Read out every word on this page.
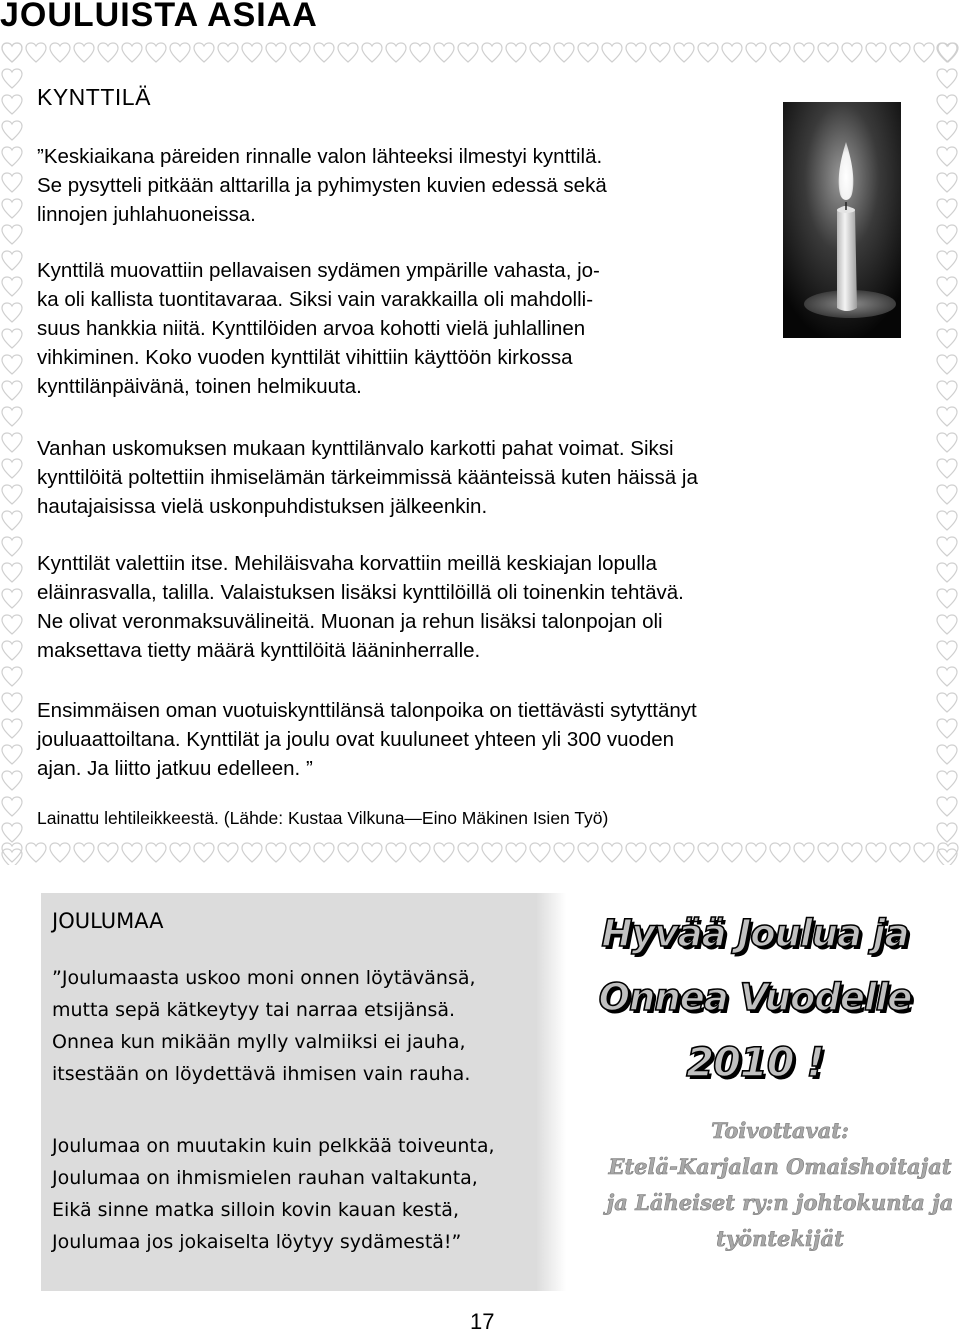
JOULUISTA ASIAA
KYNTTILÄ
”Keskiaikana päreiden rinnalle valon lähteeksi ilmestyi kynttilä.
Se pysytteli pitkään alttarilla ja pyhimysten kuvien edessä sekä
linnojen juhlahuoneissa.
Kynttilä muovattiin pellavaisen sydämen ympärille vahasta, jo-
ka oli kallista tuontitavaraa. Siksi vain varakkailla oli mahdolli-
suus hankkia niitä. Kynttilöiden arvoa kohotti vielä juhlallinen
vihkiminen. Koko vuoden kynttilät vihittiin käyttöön kirkossa
kynttilänpäivänä, toinen helmikuuta.
Vanhan uskomuksen mukaan kynttilänvalo karkotti pahat voimat. Siksi
kynttilöitä poltettiin ihmiselämän tärkeimmissä käänteissä kuten häissä ja
hautajaisissa vielä uskonpuhdistuksen jälkeenkin.
Kynttilät valettiin itse. Mehiläisvaha korvattiin meillä keskiajan lopulla
eläinrasvalla, talilla. Valaistuksen lisäksi kynttilöillä oli toinenkin tehtävä.
Ne olivat veronmaksuvälineitä. Muonan ja rehun lisäksi talonpojan oli
maksettava tietty määrä kynttilöitä lääninherralle.
Ensimmäisen oman vuotuiskynttilänsä talonpoika on tiettävästi sytyttänyt
jouluaattoiltana. Kynttilät ja joulu ovat kuuluneet yhteen yli 300 vuoden
ajan. Ja liitto jatkuu edelleen. ”

Lainattu lehtileikkeestä. (Lähde: Kustaa Vilkuna—Eino Mäkinen Isien Työ)

JOULUMAA
”Joulumaasta uskoo moni onnen löytävänsä,
mutta sepä kätkeytyy tai narraa etsijänsä.
Onnea kun mikään mylly valmiiksi ei jauha,
itsestään on löydettävä ihmisen vain rauha.
Joulumaa on muutakin kuin pelkkää toiveunta,
Joulumaa on ihmismielen rauhan valtakunta,
Eikä sinne matka silloin kovin kauan kestä,
Joulumaa jos jokaiselta löytyy sydämestä!”
Hyvää Joulua ja
Onnea Vuodelle
2010 !
Toivottavat:
Etelä-Karjalan Omaishoitajat
ja Läheiset ry:n johtokunta ja
työntekijät

17
